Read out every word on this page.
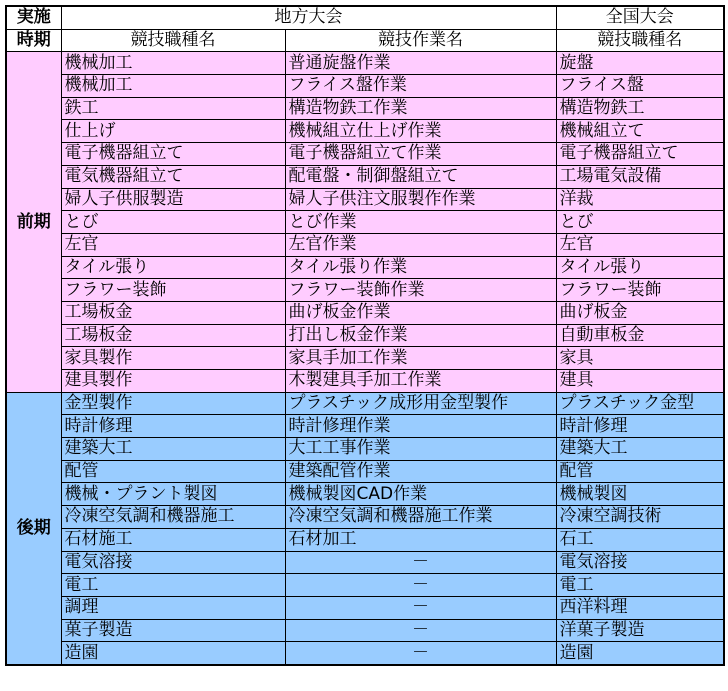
実施	地方大会		全国大会
時期	競技職種名	競技作業名	競技職種名
前期	機械加工	普通旋盤作業	旋盤
	機械加工	フライス盤作業	フライス盤
	鉄工	構造物鉄工作業	構造物鉄工
	仕上げ	機械組立仕上げ作業	機械組立て
	電子機器組立て	電子機器組立て作業	電子機器組立て
	電気機器組立て	配電盤・制御盤組立て	工場電気設備
	婦人子供服製造	婦人子供注文服製作作業	洋裁
	とび	とび作業	とび
	左官	左官作業	左官
	タイル張り	タイル張り作業	タイル張り
	フラワー装飾	フラワー装飾作業	フラワー装飾
	工場板金	曲げ板金作業	曲げ板金
	工場板金	打出し板金作業	自動車板金
	家具製作	家具手加工作業	家具
	建具製作	木製建具手加工作業	建具
後期	金型製作	プラスチック成形用金型製作	プラスチック金型
	時計修理	時計修理作業	時計修理
	建築大工	大工工事作業	建築大工
	配管	建築配管作業	配管
	機械・プラント製図	機械製図CAD作業	機械製図
	冷凍空気調和機器施工	冷凍空気調和機器施工作業	冷凍空調技術
	石材施工	石材加工	石工
	電気溶接	－	電気溶接
	電工	－	電工
	調理	－	西洋料理
	菓子製造	－	洋菓子製造
	造園	－	造園
